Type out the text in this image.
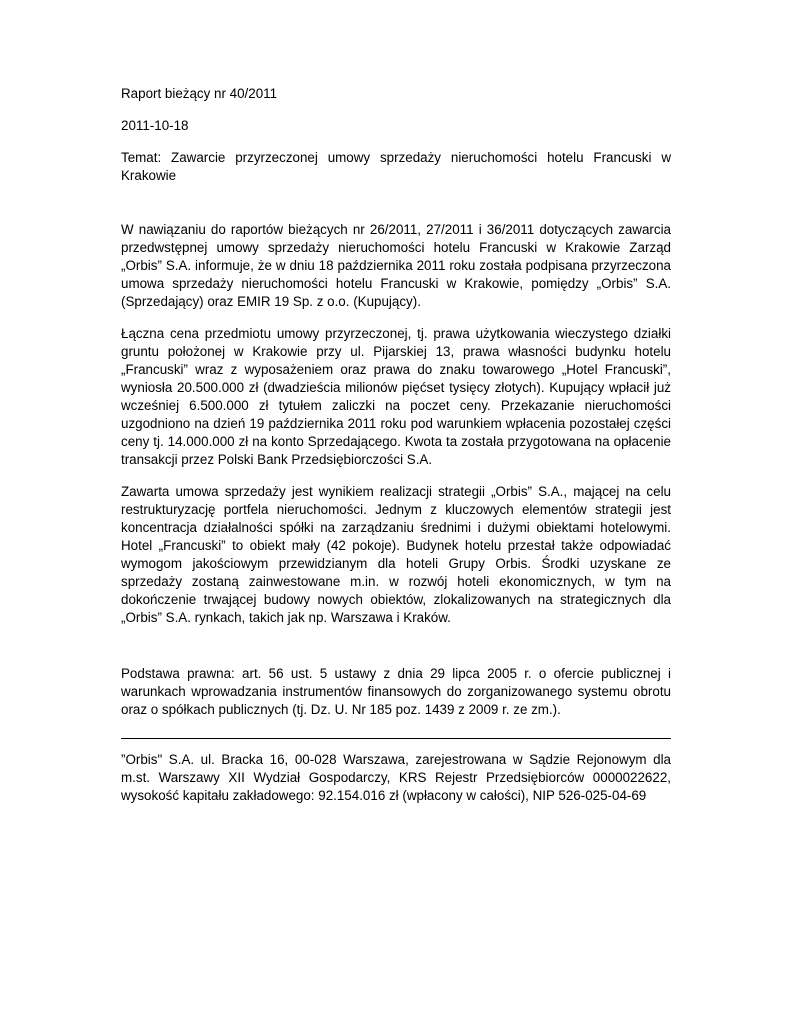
Raport bieżący nr 40/2011

2011-10-18

Temat: Zawarcie przyrzeczonej umowy sprzedaży nieruchomości hotelu Francuski w Krakowie

W nawiązaniu do raportów bieżących nr 26/2011, 27/2011 i 36/2011 dotyczących zawarcia przedwstępnej umowy sprzedaży nieruchomości hotelu Francuski w Krakowie Zarząd „Orbis” S.A. informuje, że w dniu 18 października 2011 roku została podpisana przyrzeczona umowa sprzedaży nieruchomości hotelu Francuski w Krakowie, pomiędzy „Orbis” S.A. (Sprzedający) oraz EMIR 19 Sp. z o.o. (Kupujący).

Łączna cena przedmiotu umowy przyrzeczonej, tj. prawa użytkowania wieczystego działki gruntu położonej w Krakowie przy ul. Pijarskiej 13, prawa własności budynku hotelu „Francuski” wraz z wyposażeniem oraz prawa do znaku towarowego „Hotel Francuski”, wyniosła 20.500.000 zł (dwadzieścia milionów pięćset tysięcy złotych). Kupujący wpłacił już wcześniej 6.500.000 zł tytułem zaliczki na poczet ceny. Przekazanie nieruchomości uzgodniono na dzień 19 października 2011 roku pod warunkiem wpłacenia pozostałej części ceny tj. 14.000.000 zł na konto Sprzedającego. Kwota ta została przygotowana na opłacenie transakcji przez Polski Bank Przedsiębiorczości S.A.

Zawarta umowa sprzedaży jest wynikiem realizacji strategii „Orbis” S.A., mającej na celu restrukturyzację portfela nieruchomości. Jednym z kluczowych elementów strategii jest koncentracja działalności spółki na zarządzaniu średnimi i dużymi obiektami hotelowymi. Hotel „Francuski” to obiekt mały (42 pokoje). Budynek hotelu przestał także odpowiadać wymogom jakościowym przewidzianym dla hoteli Grupy Orbis. Środki uzyskane ze sprzedaży zostaną zainwestowane m.in. w rozwój hoteli ekonomicznych, w tym na dokończenie trwającej budowy nowych obiektów, zlokalizowanych na strategicznych dla „Orbis” S.A. rynkach, takich jak np. Warszawa i Kraków.

Podstawa prawna: art. 56 ust. 5 ustawy z dnia 29 lipca 2005 r. o ofercie publicznej i warunkach wprowadzania instrumentów finansowych do zorganizowanego systemu obrotu oraz o spółkach publicznych (tj. Dz. U. Nr 185 poz. 1439 z 2009 r. ze zm.).

”Orbis" S.A. ul. Bracka 16, 00-028 Warszawa, zarejestrowana w Sądzie Rejonowym dla m.st. Warszawy XII Wydział Gospodarczy, KRS Rejestr Przedsiębiorców 0000022622, wysokość kapitału zakładowego: 92.154.016 zł (wpłacony w całości), NIP 526-025-04-69
